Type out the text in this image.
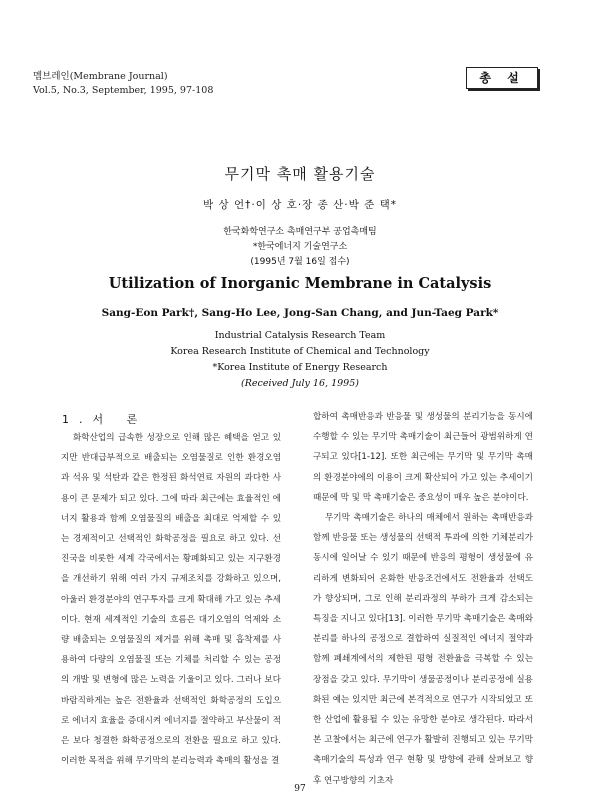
멤브레인(Membrane Journal)
Vol.5, No.3, September, 1995, 97-108
총 설
무기막 촉매 활용기술
박 상 언†·이 상 호·장 종 산·박 준 택*
한국화학연구소 촉매연구부 공업촉매팀
*한국에너지 기술연구소
(1995년 7월 16일 접수)
Utilization of Inorganic Membrane in Catalysis
Sang-Eon Park†, Sang-Ho Lee, Jong-San Chang, and Jun-Taeg Park*
Industrial Catalysis Research Team
Korea Research Institute of Chemical and Technology
*Korea Institute of Energy Research
(Received July 16, 1995)
1.서 론

화학산업의 급속한 성장으로 인해 많은 혜택을 얻고 있지만 반대급부적으로 배출되는 오염물질로 인한 환경오염과 석유 및 석탄과 같은 한정된 화석연료 자원의 과다한 사용이 큰 문제가 되고 있다. 그에 따라 최근에는 효율적인 에너지 활용과 함께 오염물질의 배출을 최대로 억제할 수 있는 경제적이고 선택적인 화학공정을 필요로 하고 있다. 선진국을 비롯한 세계 각국에서는 황폐화되고 있는 지구환경을 개선하기 위해 여러 가지 규제조치를 강화하고 있으며, 아울러 환경분야의 연구투자를 크게 확대해 가고 있는 추세이다. 현재 세계적인 기술의 흐름은 대기오염의 억제와 소량 배출되는 오염물질의 제거를 위해 촉매 및 흡착제를 사용하여 다량의 오염물질 또는 기체를 처리할 수 있는 공정의 개발 및 변형에 많은 노력을 기울이고 있다. 그러나 보다 바람직하게는 높은 전환율과 선택적인 화학공정의 도입으로 에너지 효율을 증대시켜 에너지를 절약하고 부산물이 적은 보다 청결한 화학공정으로의 전환을 필요로 하고 있다. 이러한 목적을 위해 무기막의 분리능력과 촉매의 활성을 결

합하여 촉매반응과 반응물 및 생성물의 분리기능을 동시에 수행할 수 있는 무기막 촉매기술이 최근들어 광범위하게 연구되고 있다[1-12]. 또한 최근에는 무기막 및 무기막 촉매의 환경분야에의 이용이 크게 확산되어 가고 있는 추세이기 때문에 막 및 막 촉매기술은 중요성이 매우 높은 분야이다.

무기막 촉매기술은 하나의 매체에서 원하는 촉매반응과 함께 반응물 또는 생성물의 선택적 투과에 의한 기체분리가 동시에 일어날 수 있기 때문에 반응의 평형이 생성물에 유리하게 변화되어 온화한 반응조건에서도 전환율과 선택도가 향상되며, 그로 인해 분리과정의 부하가 크게 감소되는 특징을 지니고 있다[13]. 이러한 무기막 촉매기술은 촉매와 분리를 하나의 공정으로 결합하여 실질적인 에너지 절약과 함께 폐쇄계에서의 제한된 평형 전환율을 극복할 수 있는 장점을 갖고 있다. 무기막이 생물공정이나 분리공정에 실용화된 예는 있지만 최근에 본격적으로 연구가 시작되었고 또한 산업에 활용될 수 있는 유망한 분야로 생각된다. 따라서 본 고찰에서는 최근에 연구가 활발히 진행되고 있는 무기막 촉매기술의 특성과 연구 현황 및 방향에 관해 살펴보고 향후 연구방향의 기초자

97
